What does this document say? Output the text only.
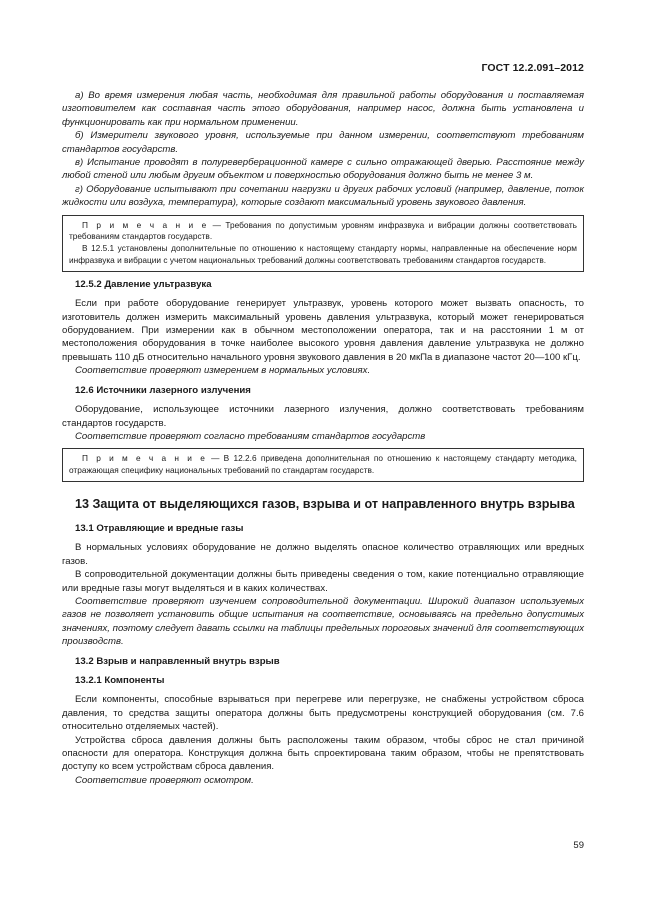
ГОСТ 12.2.091–2012

а) Во время измерения любая часть, необходимая для правильной работы оборудования и поставляемая изготовителем как составная часть этого оборудования, например насос, должна быть установлена и функционировать как при нормальном применении.

б) Измерители звукового уровня, используемые при данном измерении, соответствуют требованиям стандартов государств.

в) Испытание проводят в полуреверберационной камере с сильно отражающей дверью. Расстояние между любой стеной или любым другим объектом и поверхностью оборудования должно быть не менее 3 м.

г) Оборудование испытывают при сочетании нагрузки и других рабочих условий (например, давление, поток жидкости или воздуха, температура), которые создают максимальный уровень звукового давления.

П р и м е ч а н и е — Требования по допустимым уровням инфразвука и вибрации должны соответствовать требованиям стандартов государств.

В 12.5.1 установлены дополнительные по отношению к настоящему стандарту нормы, направленные на обеспечение норм инфразвука и вибрации с учетом национальных требований должны соответствовать требованиям стандартов государств.

12.5.2 Давление ультразвука

Если при работе оборудование генерирует ультразвук, уровень которого может вызвать опасность, то изготовитель должен измерить максимальный уровень давления ультразвука, который может генерироваться оборудованием. При измерении как в обычном местоположении оператора, так и на расстоянии 1 м от местоположения оборудования в точке наиболее высокого уровня давления давление ультразвука не должно превышать 110 дБ относительно начального уровня звукового давления в 20 мкПа в диапазоне частот 20—100 кГц.

Соответствие проверяют измерением в нормальных условиях.

12.6 Источники лазерного излучения

Оборудование, использующее источники лазерного излучения, должно соответствовать требованиям стандартов государств.

Соответствие проверяют согласно требованиям стандартов государств

П р и м е ч а н и е — В 12.2.6 приведена дополнительная по отношению к настоящему стандарту методика, отражающая специфику национальных требований по стандартам государств.

13 Защита от выделяющихся газов, взрыва и от направленного внутрь взрыва
13.1 Отравляющие и вредные газы

В нормальных условиях оборудование не должно выделять опасное количество отравляющих или вредных газов.

В сопроводительной документации должны быть приведены сведения о том, какие потенциально отравляющие или вредные газы могут выделяться и в каких количествах.

Соответствие проверяют изучением сопроводительной документации. Широкий диапазон используемых газов не позволяет установить общие испытания на соответствие, основываясь на предельно допустимых значениях, поэтому следует давать ссылки на таблицы предельных пороговых значений для соответствующих производств.

13.2 Взрыв и направленный внутрь взрыв
13.2.1 Компоненты

Если компоненты, способные взрываться при перегреве или перегрузке, не снабжены устройством сброса давления, то средства защиты оператора должны быть предусмотрены конструкцией оборудования (см. 7.6 относительно отделяемых частей).

Устройства сброса давления должны быть расположены таким образом, чтобы сброс не стал причиной опасности для оператора. Конструкция должна быть спроектирована таким образом, чтобы не препятствовать доступу ко всем устройствам сброса давления.

Соответствие проверяют осмотром.

59
